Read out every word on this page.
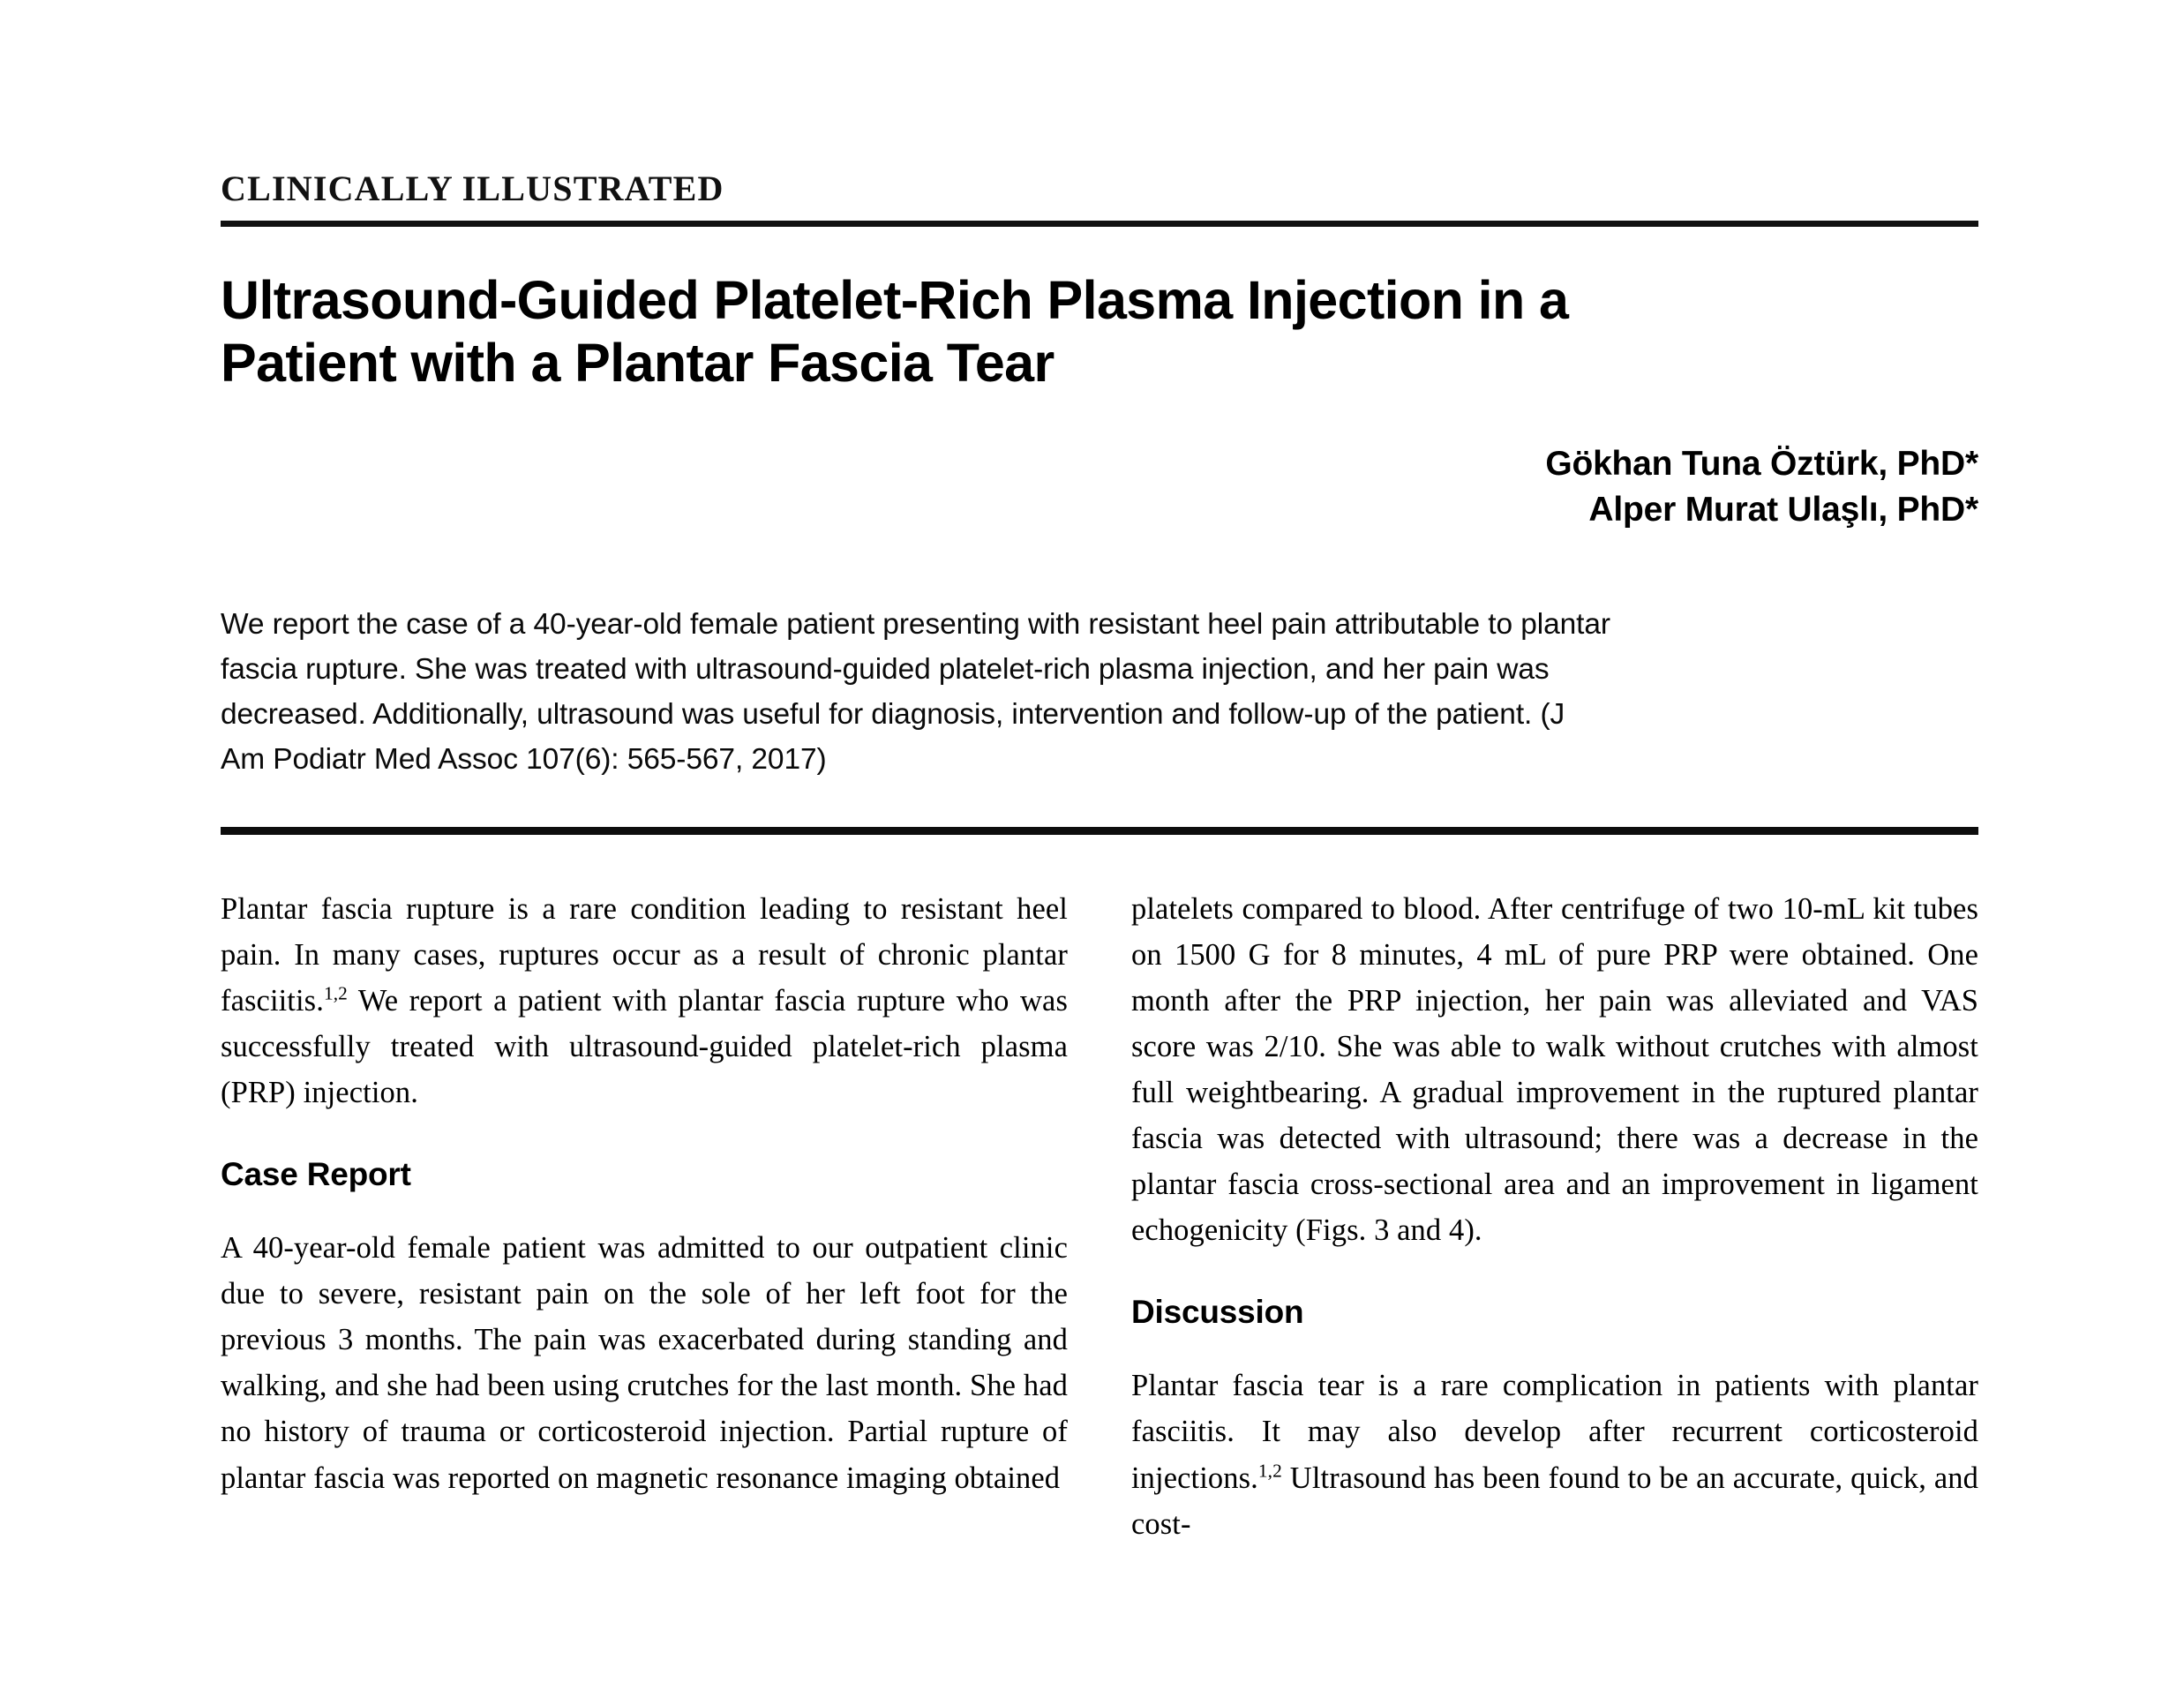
CLINICALLY ILLUSTRATED
Ultrasound-Guided Platelet-Rich Plasma Injection in a
Patient with a Plantar Fascia Tear
Gökhan Tuna Öztürk, PhD*
Alper Murat Ulaşlı, PhD*
We report the case of a 40-year-old female patient presenting with resistant heel pain attributable to plantar fascia rupture. She was treated with ultrasound-guided platelet-rich plasma injection, and her pain was decreased. Additionally, ultrasound was useful for diagnosis, intervention and follow-up of the patient. (J Am Podiatr Med Assoc 107(6): 565-567, 2017)

Plantar fascia rupture is a rare condition leading to resistant heel pain. In many cases, ruptures occur as a result of chronic plantar fasciitis.$^{1,2}$ We report a patient with plantar fascia rupture who was successfully treated with ultrasound-guided platelet-rich plasma (PRP) injection.

Case Report

A 40-year-old female patient was admitted to our outpatient clinic due to severe, resistant pain on the sole of her left foot for the previous 3 months. The pain was exacerbated during standing and walking, and she had been using crutches for the last month. She had no history of trauma or corticosteroid injection. Partial rupture of plantar fascia was reported on magnetic resonance imaging obtained

platelets compared to blood. After centrifuge of two 10-mL kit tubes on 1500 G for 8 minutes, 4 mL of pure PRP were obtained. One month after the PRP injection, her pain was alleviated and VAS score was 2/10. She was able to walk without crutches with almost full weightbearing. A gradual improvement in the ruptured plantar fascia was detected with ultrasound; there was a decrease in the plantar fascia cross-sectional area and an improvement in ligament echogenicity (Figs. 3 and 4).

Discussion

Plantar fascia tear is a rare complication in patients with plantar fasciitis. It may also develop after recurrent corticosteroid injections.$^{1,2}$ Ultrasound has been found to be an accurate, quick, and cost-
